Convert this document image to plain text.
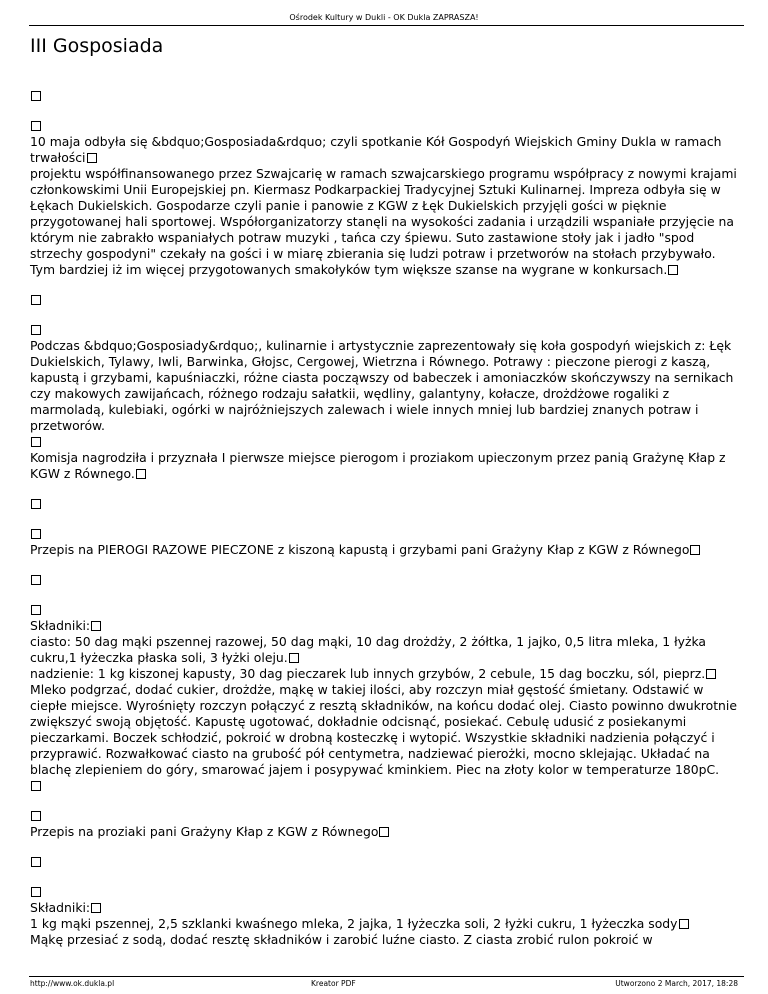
Ośrodek Kultury w Dukli - OK Dukla ZAPRASZA!
III Gosposiada

10 maja odbyła się &bdquo;Gosposiada&rdquo; czyli spotkanie Kół Gospodyń Wiejskich Gminy Dukla w ramach trwałości
projektu współfinansowanego przez Szwajcarię w ramach szwajcarskiego programu współpracy z nowymi krajami członkowskimi Unii Europejskiej pn. Kiermasz Podkarpackiej Tradycyjnej Sztuki Kulinarnej. Impreza odbyła się w Łękach Dukielskich. Gospodarze czyli panie i panowie z KGW z Łęk Dukielskich przyjęli gości w pięknie przygotowanej hali sportowej. Współorganizatorzy stanęli na wysokości zadania i urządzili wspaniałe przyjęcie na którym nie zabrakło wspaniałych potraw muzyki , tańca czy śpiewu. Suto zastawione stoły jak i jadło "spod strzechy gospodyni" czekały na gości i w miarę zbierania się ludzi potraw i przetworów na stołach przybywało. Tym bardziej iż im więcej przygotowanych smakołyków tym większe szanse na wygrane w konkursach.

Podczas &bdquo;Gosposiady&rdquo;, kulinarnie i artystycznie zaprezentowały się koła gospodyń wiejskich z: Łęk Dukielskich, Tylawy, Iwli, Barwinka, Głojsc, Cergowej, Wietrzna i Równego. Potrawy : pieczone pierogi z kaszą, kapustą i grzybami, kapuśniaczki, różne ciasta począwszy od babeczek i amoniaczków skończywszy na sernikach czy makowych zawijańcach, różnego rodzaju sałatkii, wędliny, galantyny, kołacze, drożdżowe rogaliki z marmoladą, kulebiaki, ogórki w najróżniejszych zalewach i wiele innych mniej lub bardziej znanych potraw i przetworów.

Komisja nagrodziła i przyznała I pierwsze miejsce pierogom i proziakom upieczonym przez panią Grażynę Kłap z KGW z Równego.

Przepis na PIEROGI RAZOWE PIECZONE z kiszoną kapustą i grzybami pani Grażyny Kłap z KGW z Równego

Składniki:
ciasto: 50 dag mąki pszennej razowej, 50 dag mąki, 10 dag drożdży, 2 żółtka, 1 jajko, 0,5 litra mleka, 1 łyżka cukru,1 łyżeczka płaska soli, 3 łyżki oleju.
nadzienie: 1 kg kiszonej kapusty, 30 dag pieczarek lub innych grzybów, 2 cebule, 15 dag boczku, sól, pieprz.
Mleko podgrzać, dodać cukier, drożdże, mąkę w takiej ilości, aby rozczyn miał gęstość śmietany. Odstawić w ciepłe miejsce. Wyrośnięty rozczyn połączyć z resztą składników, na końcu dodać olej. Ciasto powinno dwukrotnie zwiększyć swoją objętość. Kapustę ugotować, dokładnie odcisnąć, posiekać. Cebulę udusić z posiekanymi pieczarkami. Boczek schłodzić, pokroić w drobną kosteczkę i wytopić. Wszystkie składniki nadzienia połączyć i przyprawić. Rozwałkować ciasto na grubość pół centymetra, nadziewać pierożki, mocno sklejając. Układać na blachę zlepieniem do góry, smarować jajem i posypywać kminkiem. Piec na złoty kolor w temperaturze 180pC.

Przepis na proziaki pani Grażyny Kłap z KGW z Równego

Składniki:
1 kg mąki pszennej, 2,5 szklanki kwaśnego mleka, 2 jajka, 1 łyżeczka soli, 2 łyżki cukru, 1 łyżeczka sody
Mąkę przesiać z sodą, dodać resztę składników i zarobić luźne ciasto. Z ciasta zrobić rulon pokroić w

http://www.ok.dukla.pl	Kreator PDF	Utworzono 2 March, 2017, 18:28
